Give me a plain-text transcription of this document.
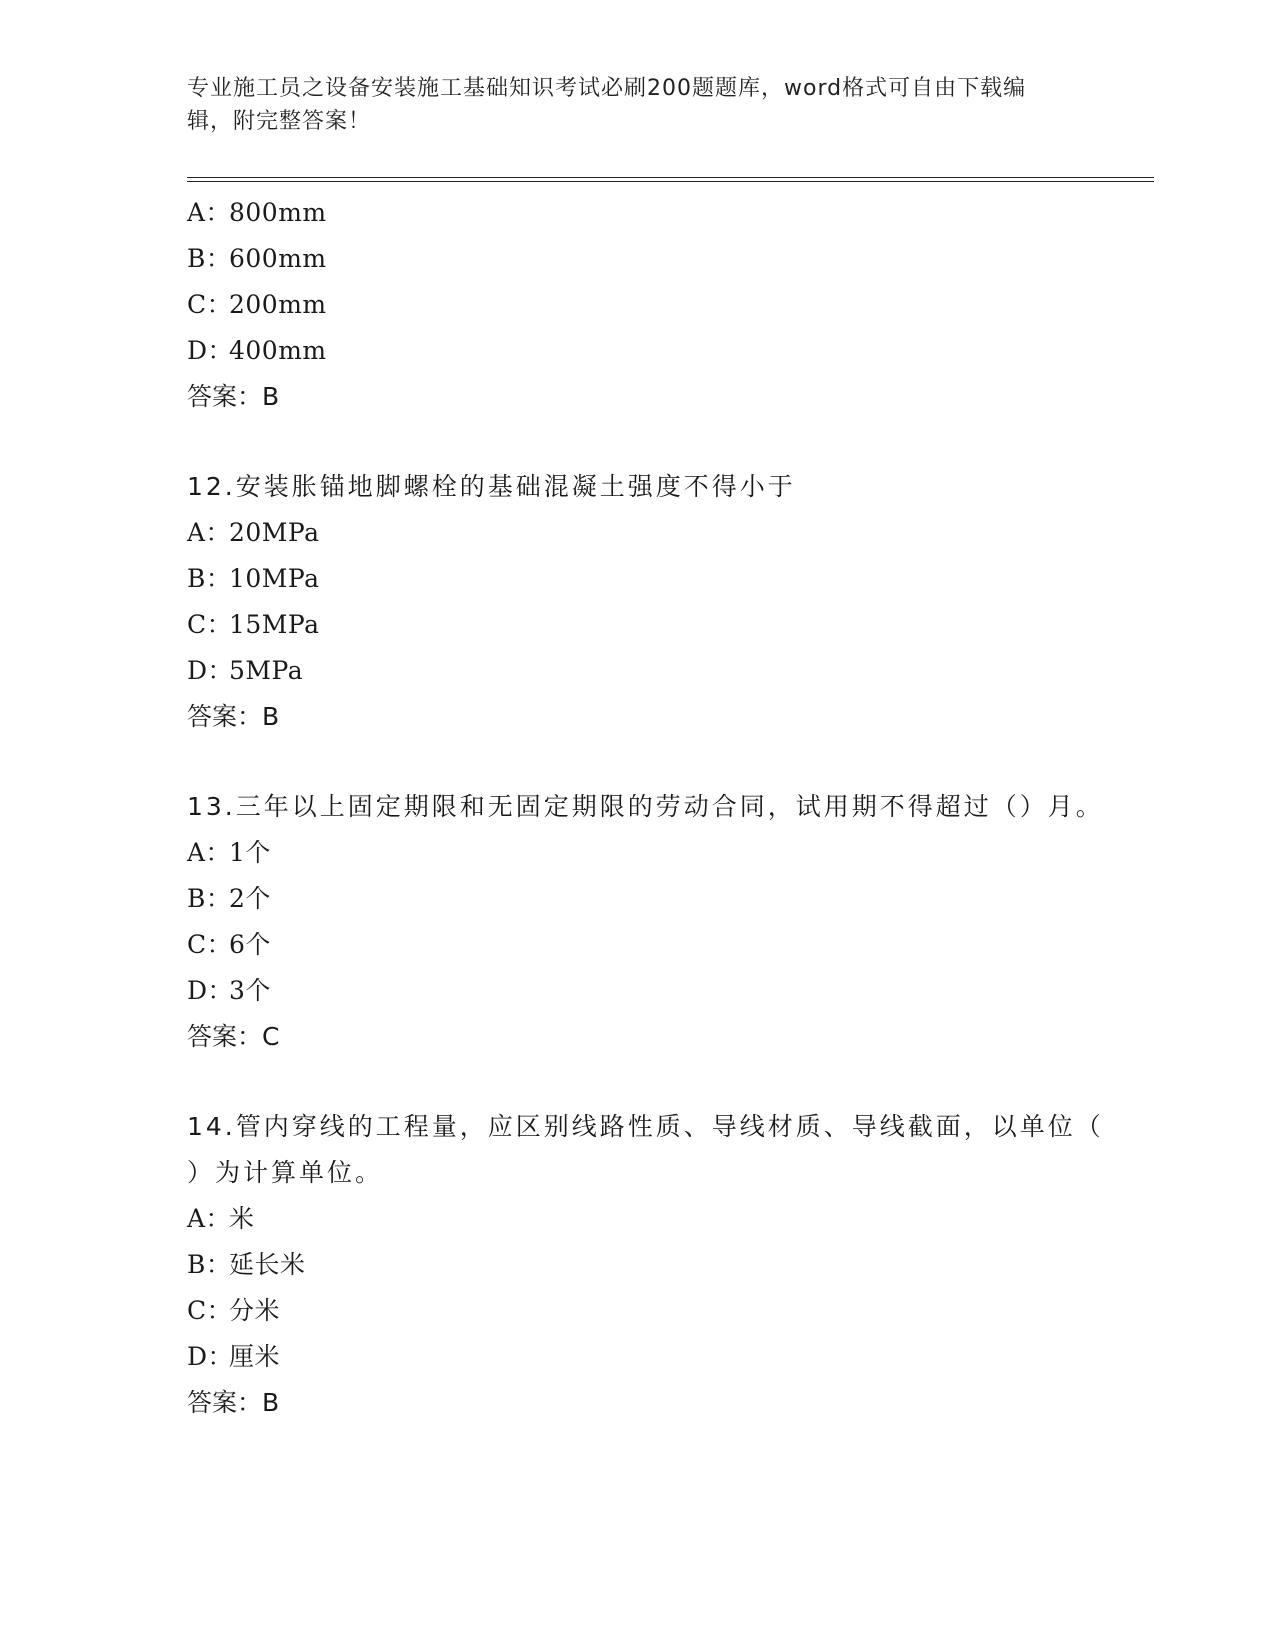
专业施工员之设备安装施工基础知识考试必刷200题题库，word格式可自由下载编辑，附完整答案！

A：800mm

B：600mm

C：200mm

D：400mm

答案：B

12.安装胀锚地脚螺栓的基础混凝土强度不得小于

A：20MPa

B：10MPa

C：15MPa

D：5MPa

答案：B

13.三年以上固定期限和无固定期限的劳动合同，试用期不得超过（）月。

A：1个

B：2个

C：6个

D：3个

答案：C

14.管内穿线的工程量，应区别线路性质、导线材质、导线截面，以单位（ ）为计算单位。

A：米

B：延长米

C：分米

D：厘米

答案：B
